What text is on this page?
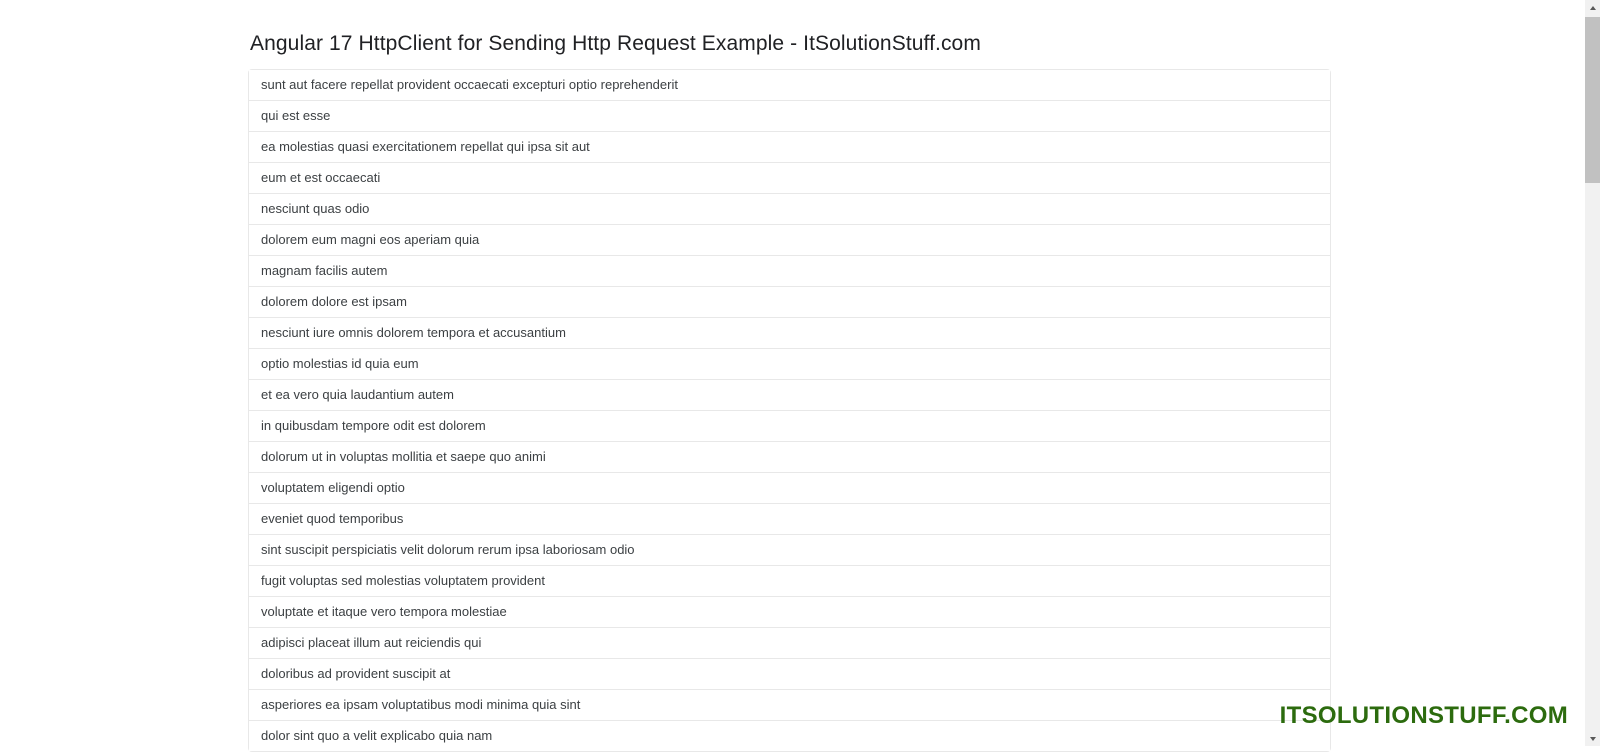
Angular 17 HttpClient for Sending Http Request Example - ItSolutionStuff.com
sunt aut facere repellat provident occaecati excepturi optio reprehenderit
qui est esse
ea molestias quasi exercitationem repellat qui ipsa sit aut
eum et est occaecati
nesciunt quas odio
dolorem eum magni eos aperiam quia
magnam facilis autem
dolorem dolore est ipsam
nesciunt iure omnis dolorem tempora et accusantium
optio molestias id quia eum
et ea vero quia laudantium autem
in quibusdam tempore odit est dolorem
dolorum ut in voluptas mollitia et saepe quo animi
voluptatem eligendi optio
eveniet quod temporibus
sint suscipit perspiciatis velit dolorum rerum ipsa laboriosam odio
fugit voluptas sed molestias voluptatem provident
voluptate et itaque vero tempora molestiae
adipisci placeat illum aut reiciendis qui
doloribus ad provident suscipit at
asperiores ea ipsam voluptatibus modi minima quia sint
dolor sint quo a velit explicabo quia nam
ITSOLUTIONSTUFF.COM
